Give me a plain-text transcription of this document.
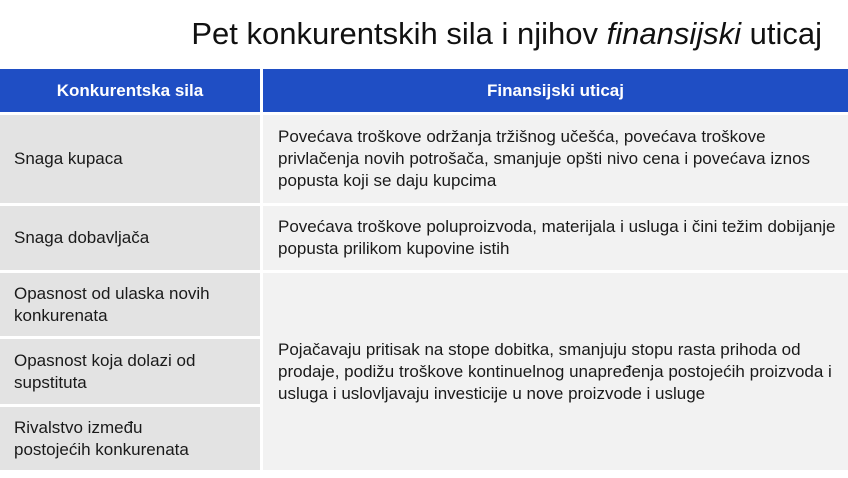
Pet konkurentskih sila i njihov finansijski uticaj
Konkurentska sila	Finansijski uticaj
Snaga kupaca
Povećava troškove održanja tržišnog učešća, povećava troškove privlačenja novih potrošača, smanjuje opšti nivo cena i povećava iznos popusta koji se daju kupcima
Snaga dobavljača
Povećava troškove poluproizvoda, materijala i usluga i čini težim dobijanje popusta prilikom kupovine istih
Opasnost od ulaska novih konkurenata
Opasnost koja dolazi od supstituta
Rivalstvo između postojećih konkurenata
Pojačavaju pritisak na stope dobitka, smanjuju stopu rasta prihoda od prodaje, podižu troškove kontinuelnog unapređenja postojećih proizvoda i usluga i uslovljavaju investicije u nove proizvode i usluge
